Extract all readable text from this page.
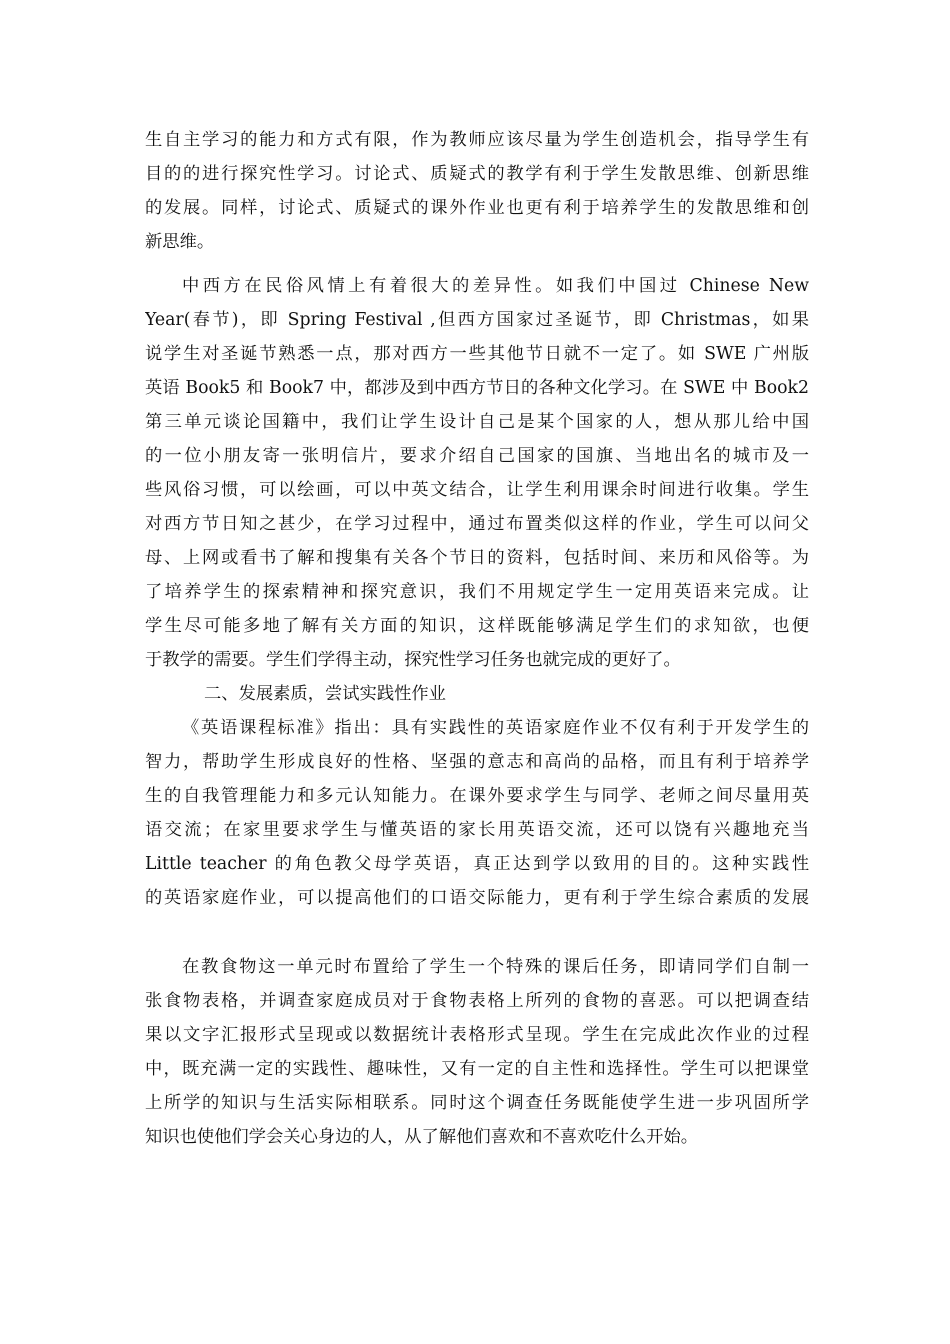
生自主学习的能力和方式有限，作为教师应该尽量为学生创造机会，指导学生有
目的的进行探究性学习。讨论式、质疑式的教学有利于学生发散思维、创新思维
的发展。同样，讨论式、质疑式的课外作业也更有利于培养学生的发散思维和创
新思维。
中西方在民俗风情上有着很大的差异性。如我们中国过 Chinese New
Year(春节)，即 Spring Festival ,但西方国家过圣诞节，即 Christmas，如果
说学生对圣诞节熟悉一点，那对西方一些其他节日就不一定了。如 SWE 广州版
英语 Book5 和 Book7 中，都涉及到中西方节日的各种文化学习。在 SWE 中 Book2
第三单元谈论国籍中，我们让学生设计自己是某个国家的人，想从那儿给中国
的一位小朋友寄一张明信片，要求介绍自己国家的国旗、当地出名的城市及一
些风俗习惯，可以绘画，可以中英文结合，让学生利用课余时间进行收集。学生
对西方节日知之甚少，在学习过程中，通过布置类似这样的作业，学生可以问父
母、上网或看书了解和搜集有关各个节日的资料，包括时间、来历和风俗等。为
了培养学生的探索精神和探究意识，我们不用规定学生一定用英语来完成。让
学生尽可能多地了解有关方面的知识，这样既能够满足学生们的求知欲，也便
于教学的需要。学生们学得主动，探究性学习任务也就完成的更好了。
二、发展素质，尝试实践性作业
《英语课程标准》指出：具有实践性的英语家庭作业不仅有利于开发学生的
智力，帮助学生形成良好的性格、坚强的意志和高尚的品格，而且有利于培养学
生的自我管理能力和多元认知能力。在课外要求学生与同学、老师之间尽量用英
语交流；在家里要求学生与懂英语的家长用英语交流，还可以饶有兴趣地充当
Little teacher 的角色教父母学英语，真正达到学以致用的目的。这种实践性
的英语家庭作业，可以提高他们的口语交际能力，更有利于学生综合素质的发展
在教食物这一单元时布置给了学生一个特殊的课后任务，即请同学们自制一
张食物表格，并调查家庭成员对于食物表格上所列的食物的喜恶。可以把调查结
果以文字汇报形式呈现或以数据统计表格形式呈现。学生在完成此次作业的过程
中，既充满一定的实践性、趣味性，又有一定的自主性和选择性。学生可以把课堂
上所学的知识与生活实际相联系。同时这个调查任务既能使学生进一步巩固所学
知识也使他们学会关心身边的人，从了解他们喜欢和不喜欢吃什么开始。
